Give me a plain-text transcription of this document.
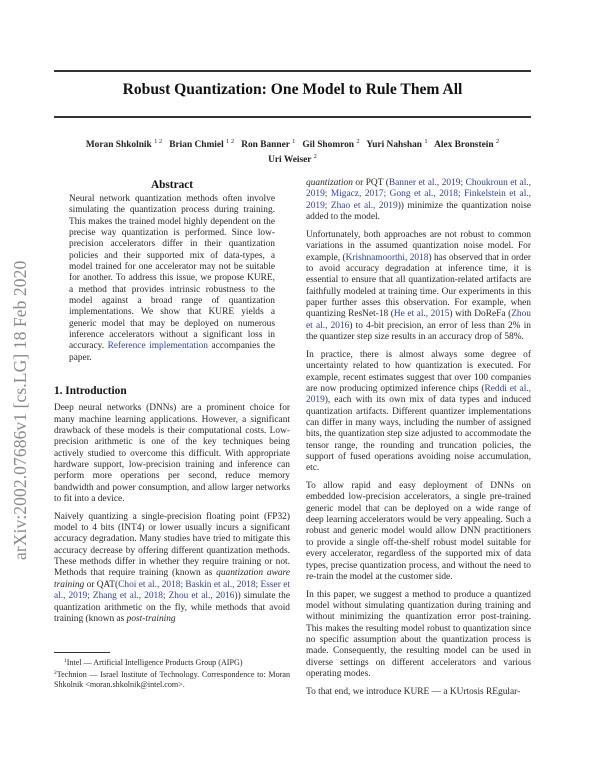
arXiv:2002.07686v1 [cs.LG] 18 Feb 2020
Robust Quantization: One Model to Rule Them All
Moran Shkolnik $^{1 2}$ Brian Chmiel $^{1 2}$ Ron Banner $^1$ Gil Shomron $^2$ Yuri Nahshan $^1$ Alex Bronstein $^2$
Uri Weiser $^2$
Abstract
Neural network quantization methods often involve simulating the quantization process during training. This makes the trained model highly dependent on the precise way quantization is performed. Since low-precision accelerators differ in their quantization policies and their supported mix of data-types, a model trained for one accelerator may not be suitable for another. To address this issue, we propose KURE, a method that provides intrinsic robustness to the model against a broad range of quantization implementations. We show that KURE yields a generic model that may be deployed on numerous inference accelerators without a significant loss in accuracy. Reference implementation accompanies the paper.
1. Introduction

Deep neural networks (DNNs) are a prominent choice for many machine learning applications. However, a significant drawback of these models is their computational costs. Low-precision arithmetic is one of the key techniques being actively studied to overcome this difficult. With appropriate hardware support, low-precision training and inference can perform more operations per second, reduce memory bandwidth and power consumption, and allow larger networks to fit into a device.

Naively quantizing a single-precision floating point (FP32) model to 4 bits (INT4) or lower usually incurs a significant accuracy degradation. Many studies have tried to mitigate this accuracy decrease by offering different quantization methods. These methods differ in whether they require training or not. Methods that require training (known as quantization aware training or QAT(Choi et al., 2018; Baskin et al., 2018; Esser et al., 2019; Zhang et al., 2018; Zhou et al., 2016)) simulate the quantization arithmetic on the fly, while methods that avoid training (known as post-training

$^1$Intel — Artificial Intelligence Products Group (AIPG)
$^2$Technion — Israel Institute of Technology. Correspondence to: Moran Shkolnik <moran.shkolnik@intel.com>.

quantization or PQT (Banner et al., 2019; Choukroun et al., 2019; Migacz, 2017; Gong et al., 2018; Finkelstein et al., 2019; Zhao et al., 2019)) minimize the quantization noise added to the model.

Unfortunately, both approaches are not robust to common variations in the assumed quantization noise model. For example, (Krishnamoorthi, 2018) has observed that in order to avoid accuracy degradation at inference time, it is essential to ensure that all quantization-related artifacts are faithfully modeled at training time. Our experiments in this paper further asses this observation. For example, when quantizing ResNet-18 (He et al., 2015) with DoReFa (Zhou et al., 2016) to 4-bit precision, an error of less than 2% in the quantizer step size results in an accuracy drop of 58%.

In practice, there is almost always some degree of uncertainty related to how quantization is executed. For example, recent estimates suggest that over 100 companies are now producing optimized inference chips (Reddi et al., 2019), each with its own mix of data types and induced quantization artifacts. Different quantizer implementations can differ in many ways, including the number of assigned bits, the quantization step size adjusted to accommodate the tensor range, the rounding and truncation policies, the support of fused operations avoiding noise accumulation, etc.

To allow rapid and easy deployment of DNNs on embedded low-precision accelerators, a single pre-trained generic model that can be deployed on a wide range of deep learning accelerators would be very appealing. Such a robust and generic model would allow DNN practitioners to provide a single off-the-shelf robust model suitable for every accelerator, regardless of the supported mix of data types, precise quantization process, and without the need to re-train the model at the customer side.

In this paper, we suggest a method to produce a quantized model without simulating quantization during training and without minimizing the quantization error post-training. This makes the resulting model robust to quantization since no specific assumption about the quantization process is made. Consequently, the resulting model can be used in diverse settings on different accelerators and various operating modes.

To that end, we introduce KURE — a KUrtosis REgular-
